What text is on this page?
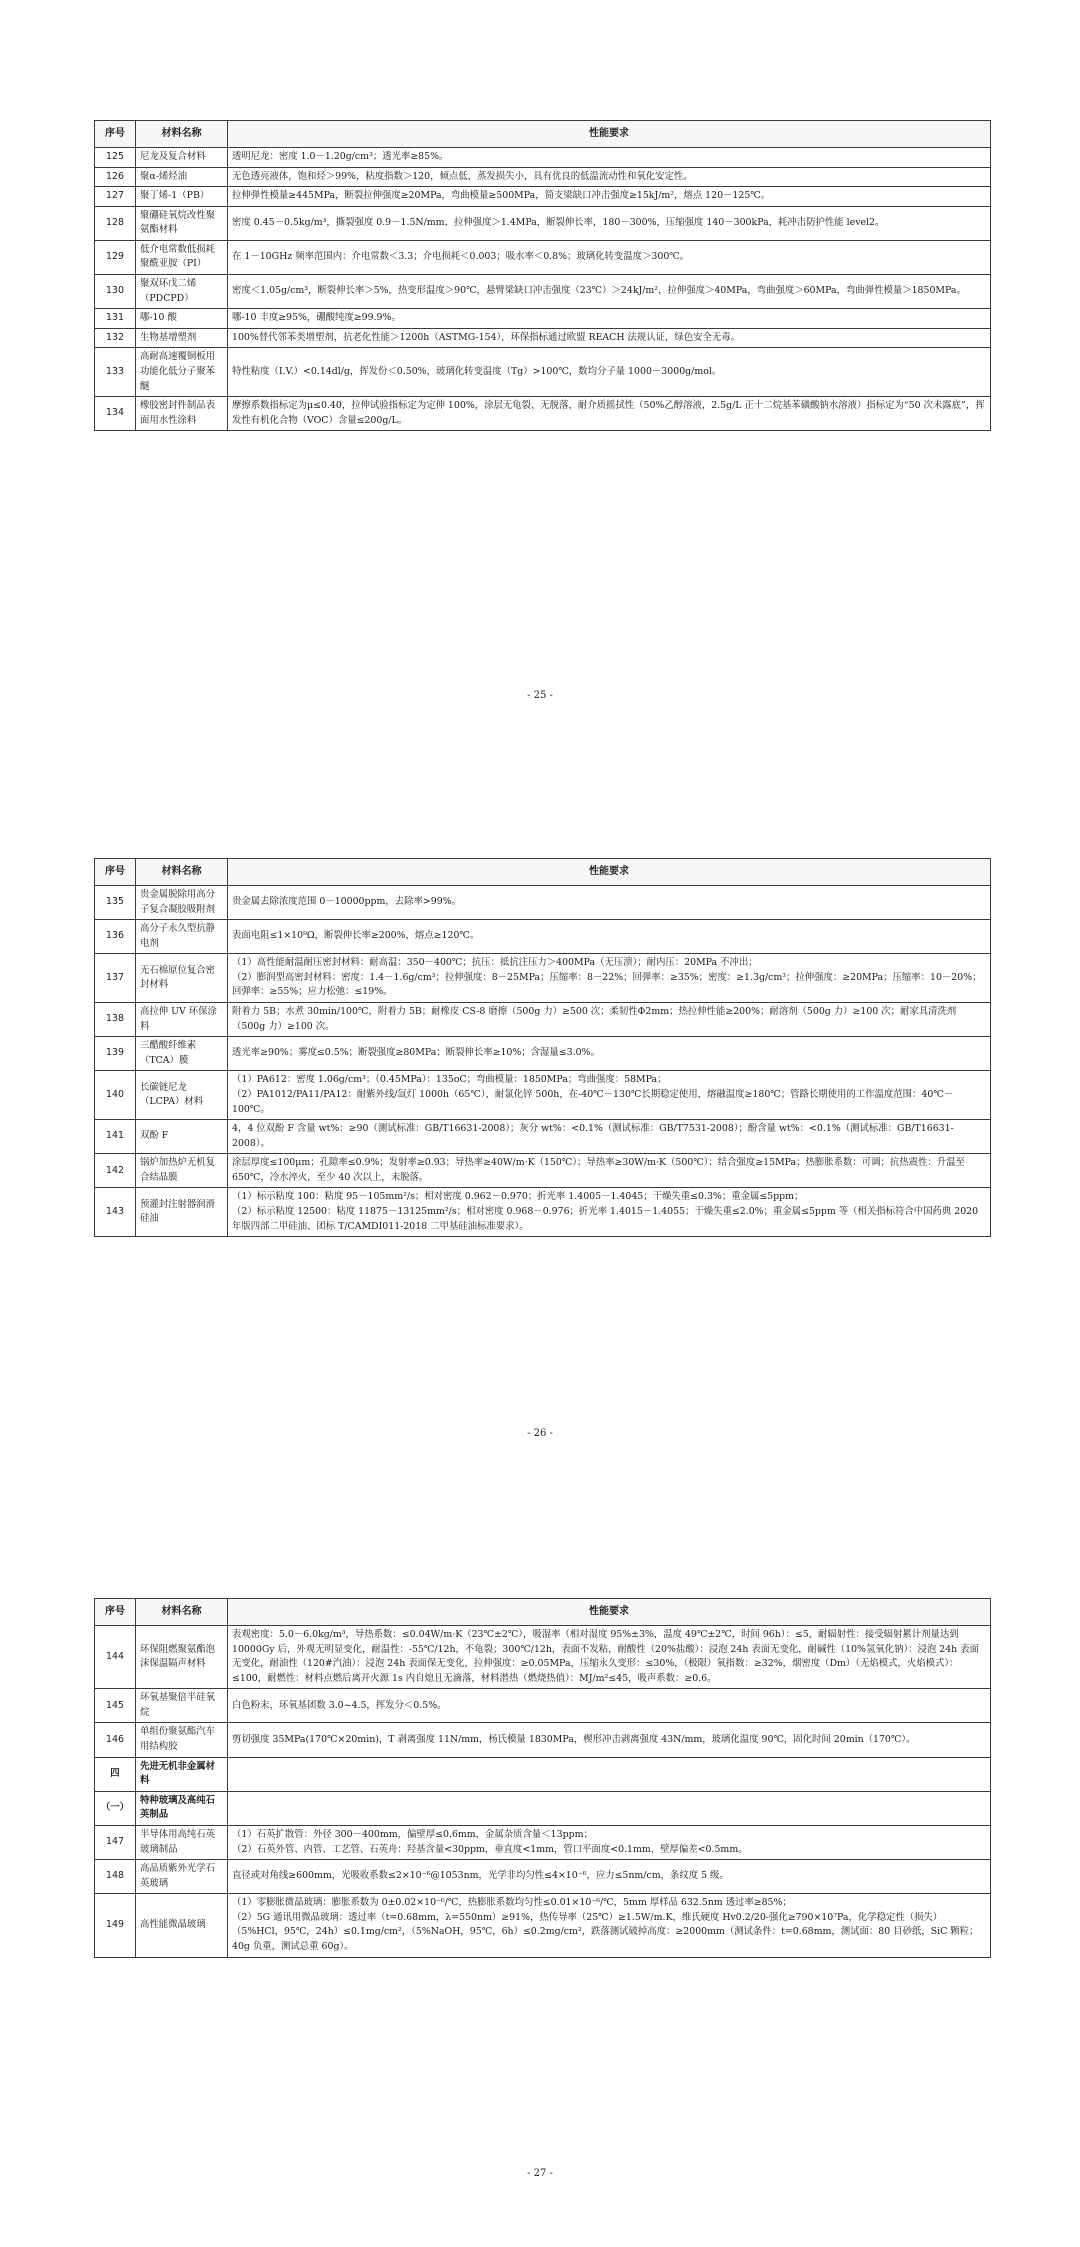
序号	材料名称	性能要求
125	尼龙及复合材料	透明尼龙：密度 1.0－1.20g/cm³；透光率≥85%。
126	聚α-烯烃油	无色透亮液体，饱和烃＞99%，粘度指数＞120，倾点低，蒸发损失小，具有优良的低温流动性和氧化安定性。
127	聚丁烯-1（PB）	拉伸弹性模量≥445MPa，断裂拉伸强度≥20MPa，弯曲模量≥500MPa，简支梁缺口冲击强度≥15kJ/m²，熔点 120－125℃。
128	聚硼硅氧烷改性聚氨酯材料	密度 0.45－0.5kg/m³，撕裂强度 0.9－1.5N/mm，拉伸强度＞1.4MPa，断裂伸长率，180－300%，压缩强度 140－300kPa，耗冲击防护性能 level2。
129	低介电常数低损耗聚酰亚胺（PI）	在 1－10GHz 频率范围内：介电常数＜3.3；介电损耗＜0.003；吸水率＜0.8%；玻璃化转变温度＞300℃。
130	聚双环戊二烯（PDCPD）	密度＜1.05g/cm³，断裂伸长率＞5%，热变形温度＞90℃，悬臂梁缺口冲击强度（23℃）＞24kJ/m²，拉伸强度＞40MPa，弯曲强度＞60MPa，弯曲弹性模量＞1850MPa。
131	哪-10 酸	哪-10 丰度≥95%，硼酸纯度≥99.9%。
132	生物基增塑剂	100%替代邻苯类增塑剂，抗老化性能＞1200h（ASTMG-154），环保指标通过欧盟 REACH 法规认证，绿色安全无毒。
133	高耐高速覆铜板用功能化低分子聚苯醚	特性粘度（I.V.）<0.14dl/g，挥发份＜0.50%，玻璃化转变温度（Tg）>100℃，数均分子量 1000－3000g/mol。
134	橡胶密封件制品表面用水性涂料	摩擦系数指标定为μ≤0.40，拉伸试验指标定为定伸 100%，涂层无龟裂、无脱落，耐介质摇拭性（50%乙醇溶液，2.5g/L 正十二烷基苯磺酸钠水溶液）指标定为“50 次未露底”，挥发性有机化合物（VOC）含量≤200g/L。
- 25 -
序号	材料名称	性能要求
135	贵金属脱除用高分子复合凝胶吸附剂	贵金属去除浓度范围 0－10000ppm，去除率>99%。
136	高分子永久型抗静电剂	表面电阻≤1×10⁹Ω，断裂伸长率≥200%，熔点≥120℃。
137	无石棉原位复合密封材料	（1）高性能耐温耐压密封材料：耐高温：350－400℃；抗压：抵抗注压力＞400MPa（无压溃）；耐内压：20MPa 不冲出；
（2）膨润型高密封材料：密度：1.4－1.6g/cm³；拉伸强度：8－25MPa；压缩率：8－22%；回弹率：≥35%；密度：≥1.3g/cm³；拉伸强度：≥20MPa；压缩率：10－20%；回弹率：≥55%；应力松弛：≤19%。
138	高拉伸 UV 环保涂料	附着力 5B；水煮 30min/100℃，附着力 5B；耐橡皮 CS-8 磨擦（500g 力）≥500 次；柔韧性Φ2mm；热拉伸性能≥200%；耐溶剂（500g 力）≥100 次；耐家具清洗剂（500g 力）≥100 次。
139	三醋酸纤维素（TCA）膜	透光率≥90%；雾度≤0.5%；断裂强度≥80MPa；断裂伸长率≥10%；含湿量≤3.0%。
140	长碳链尼龙（LCPA）材料	（1）PA612：密度 1.06g/cm³；（0.45MPa）：135oC；弯曲模量：1850MPa；弯曲强度：58MPa；
（2）PA1012/PA11/PA12：耐紫外线/氙灯 1000h（65℃），耐氯化锌 500h，在-40℃－130℃长期稳定使用，熔融温度≥180℃；管路长期使用的工作温度范围：40℃－100℃。
141	双酚 F	4，4 位双酚 F 含量 wt%：≥90（测试标准：GB/T16631-2008）；灰分 wt%：<0.1%（测试标准：GB/T7531-2008）；酚含量 wt%：<0.1%（测试标准：GB/T16631-2008）。
142	锅炉加热炉无机复合结晶膜	涂层厚度≤100μm；孔隙率≤0.9%；发射率≥0.93；导热率≥40W/m·K（150℃）；导热率≥30W/m·K（500℃）；结合强度≥15MPa；热膨胀系数：可调；抗热震性：升温至 650℃，冷水淬火，至少 40 次以上，未脱落。
143	预灌封注射器润滑硅油	（1）标示粘度 100：粘度 95－105mm²/s；相对密度 0.962－0.970；折光率 1.4005－1.4045；干燥失重≤0.3%；重金属≤5ppm；
（2）标示粘度 12500：粘度 11875－13125mm²/s；相对密度 0.968－0.976；折光率 1.4015－1.4055；干燥失重≤2.0%；重金属≤5ppm 等（相关指标符合中国药典 2020 年版四部二甲硅油、团标 T/CAMDI011-2018 二甲基硅油标准要求）。
- 26 -
序号	材料名称	性能要求
144	环保阻燃聚氨酯泡沫保温隔声材料	表观密度：5.0－6.0kg/m³，导热系数：≤0.04W/m·K（23℃±2℃），吸湿率（相对湿度 95%±3%，温度 49℃±2℃，时间 96h）：≤5，耐辐射性：接受辐射累计剂量达到 10000Gy 后，外观无明显变化，耐温性：-55℃/12h，不龟裂；300℃/12h，表面不发粘，耐酸性（20%盐酸）：浸泡 24h 表面无变化，耐碱性（10%氢氧化钠）：浸泡 24h 表面无变化，耐油性（120#汽油）：浸泡 24h 表面保无变化，拉伸强度：≥0.05MPa，压缩永久变形：≤30%，（极限）氧指数：≥32%，烟密度（Dm）（无焰模式，火焰模式）：≤100，耐燃性：材料点燃后离开火源 1s 内自熄且无滴落，材料潜热（燃烧热值）：MJ/m²≤45，吸声系数：≥0.6。
145	环氧基聚倍半硅氧烷	白色粉末，环氧基团数 3.0~4.5，挥发分＜0.5%。
146	单组份聚氨酯汽车用结构胶	剪切强度 35MPa(170℃×20min)，T 剥离强度 11N/mm，杨氏模量 1830MPa，楔形冲击剥离强度 43N/mm，玻璃化温度 90℃，固化时间 20min（170℃）。
四	先进无机非金属材料	
（一）	特种玻璃及高纯石英制品	
147	半导体用高纯石英玻璃制品	（1）石英扩散管：外径 300－400mm，偏壁厚≤0.6mm，金属杂质含量＜13ppm；
（2）石英外管、内管、工艺管、石英舟：羟基含量<30ppm，垂直度<1mm，管口平面度<0.1mm，壁厚偏差<0.5mm。
148	高品质紫外光学石英玻璃	直径或对角线≥600mm，光吸收系数≤2×10⁻⁶@1053nm，光学非均匀性≤4×10⁻⁶，应力≤5nm/cm，条纹度 5 级。
149	高性能微晶玻璃	（1）零膨胀微晶玻璃：膨胀系数为 0±0.02×10⁻⁶/℃，热膨胀系数均匀性≤0.01×10⁻⁶/℃，5mm 厚样品 632.5nm 透过率≥85%；
（2）5G 通讯用微晶玻璃：透过率（t=0.68mm，λ=550nm）≥91%，热传导率（25℃）≥1.5W/m.K，维氏硬度 Hv0.2/20-强化≥790×10⁷Pa，化学稳定性（损失）（5%HCl，95℃，24h）≤0.1mg/cm²，（5%NaOH，95℃，6h）≤0.2mg/cm²，跌落测试破掉高度：≥2000mm（测试条件：t=0.68mm，测试面：80 目砂纸，SiC 颗粒；40g 负重，测试总重 60g）。
- 27 -
